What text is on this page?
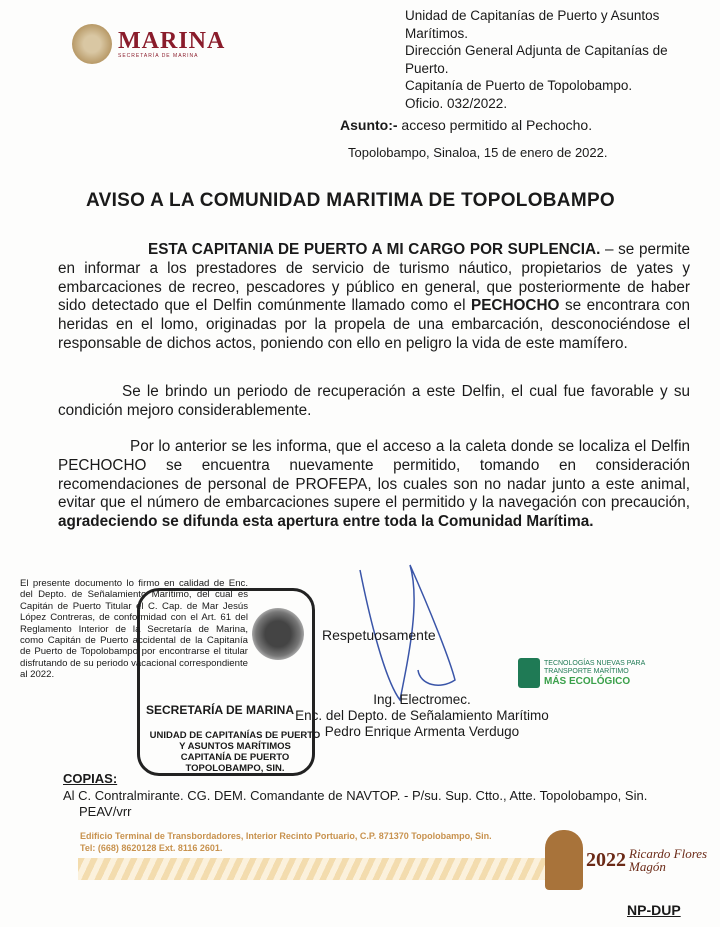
MARINA
SECRETARÍA DE MARINA
Unidad de Capitanías de Puerto y Asuntos Marítimos.
Dirección General Adjunta de Capitanías de Puerto.
Capitanía de Puerto de Topolobampo.
Oficio. 032/2022.
Asunto:- acceso permitido al Pechocho.
Topolobampo, Sinaloa, 15 de enero de 2022.
AVISO A LA COMUNIDAD MARITIMA DE TOPOLOBAMPO
ESTA CAPITANIA DE PUERTO A MI CARGO POR SUPLENCIA. – se permite en informar a los prestadores de servicio de turismo náutico, propietarios de yates y embarcaciones de recreo, pescadores y público en general, que posteriormente de haber sido detectado que el Delfin comúnmente llamado como el PECHOCHO se encontrara con heridas en el lomo, originadas por la propela de una embarcación, desconociéndose el responsable de dichos actos, poniendo con ello en peligro la vida de este mamífero.
Se le brindo un periodo de recuperación a este Delfin, el cual fue favorable y su condición mejoro considerablemente.
Por lo anterior se les informa, que el acceso a la caleta donde se localiza el Delfin PECHOCHO se encuentra nuevamente permitido, tomando en consideración recomendaciones de personal de PROFEPA, los cuales son no nadar junto a este animal, evitar que el número de embarcaciones supere el permitido y la navegación con precaución, agradeciendo se difunda esta apertura entre toda la Comunidad Marítima.
El presente documento lo firmo en calidad de Enc. del Depto. de Señalamiento Marítimo, del cual es Capitán de Puerto Titular el C. Cap. de Mar Jesús López Contreras, de conformidad con el Art. 61 del Reglamento Interior de la Secretaría de Marina, como Capitán de Puerto accidental de la Capitanía de Puerto de Topolobampo por encontrarse el titular disfrutando de su periodo vacacional correspondiente al 2022.
SECRETARÍA DE MARINA
UNIDAD DE CAPITANÍAS DE PUERTO
Y ASUNTOS MARÍTIMOS
CAPITANÍA DE PUERTO
TOPOLOBAMPO, SIN.
Respetuosamente
Ing. Electromec.
Enc. del Depto. de Señalamiento Marítimo
Pedro Enrique Armenta Verdugo
TECNOLOGÍAS NUEVAS PARA
TRANSPORTE MARÍTIMO
MÁS ECOLÓGICO
COPIAS:
Al C. Contralmirante. CG. DEM. Comandante de NAVTOP. - P/su. Sup. Ctto., Atte. Topolobampo, Sin.
PEAV/vrr
Edificio Terminal de Transbordadores, Interior Recinto Portuario, C.P. 871370 Topolobampo, Sin.
Tel: (668) 8620128 Ext. 8116 2601.
2022 Ricardo Flores
Magón
NP-DUP
